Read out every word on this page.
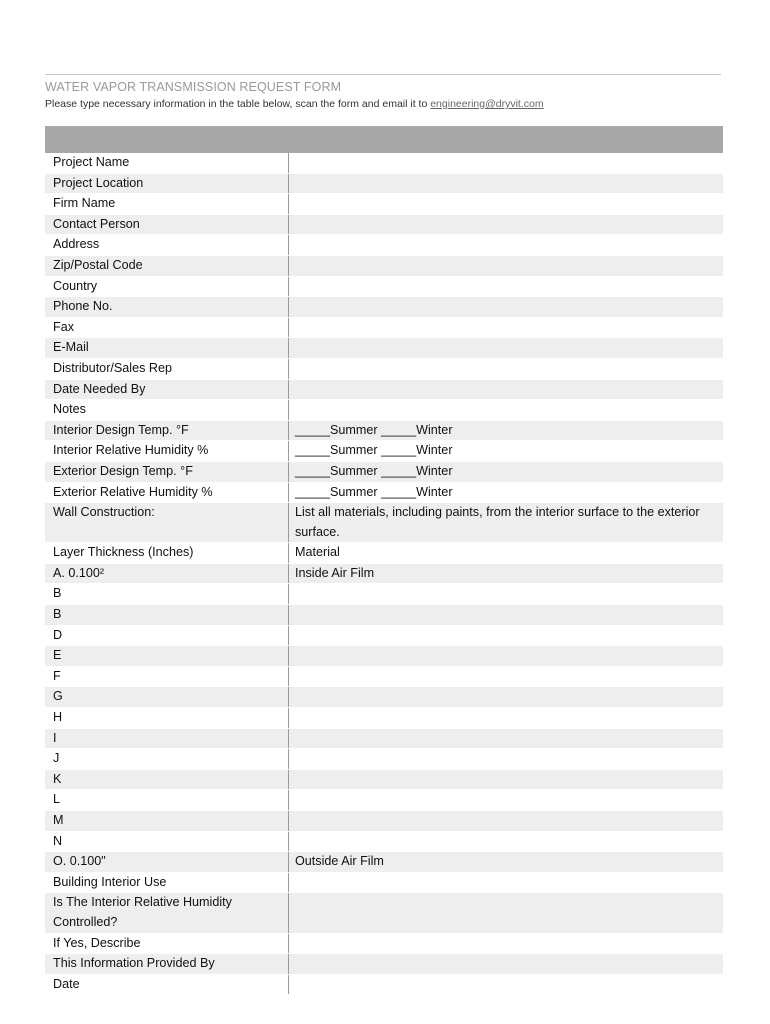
WATER VAPOR TRANSMISSION REQUEST FORM
Please type necessary information in the table below, scan the form and email it to engineering@dryvit.com
Project Name	
Project Location	
Firm Name	
Contact Person	
Address	
Zip/Postal Code	
Country	
Phone No.	
Fax	
E-Mail	
Distributor/Sales Rep	
Date Needed By	
Notes	
Interior Design Temp. °F	_____Summer _____Winter
Interior Relative Humidity %	_____Summer _____Winter
Exterior Design Temp. °F	_____Summer _____Winter
Exterior Relative Humidity %	_____Summer _____Winter
Wall Construction:	List all materials, including paints, from the interior surface to the exterior surface.
Layer Thickness (Inches)	Material
A. 0.100²	Inside Air Film
B	
B	
D	
E	
F	
G	
H	
I	
J	
K	
L	
M	
N	
O. 0.100"	Outside Air Film
Building Interior Use	
Is The Interior Relative Humidity Controlled?	
If Yes, Describe	
This Information Provided By	
Date	
